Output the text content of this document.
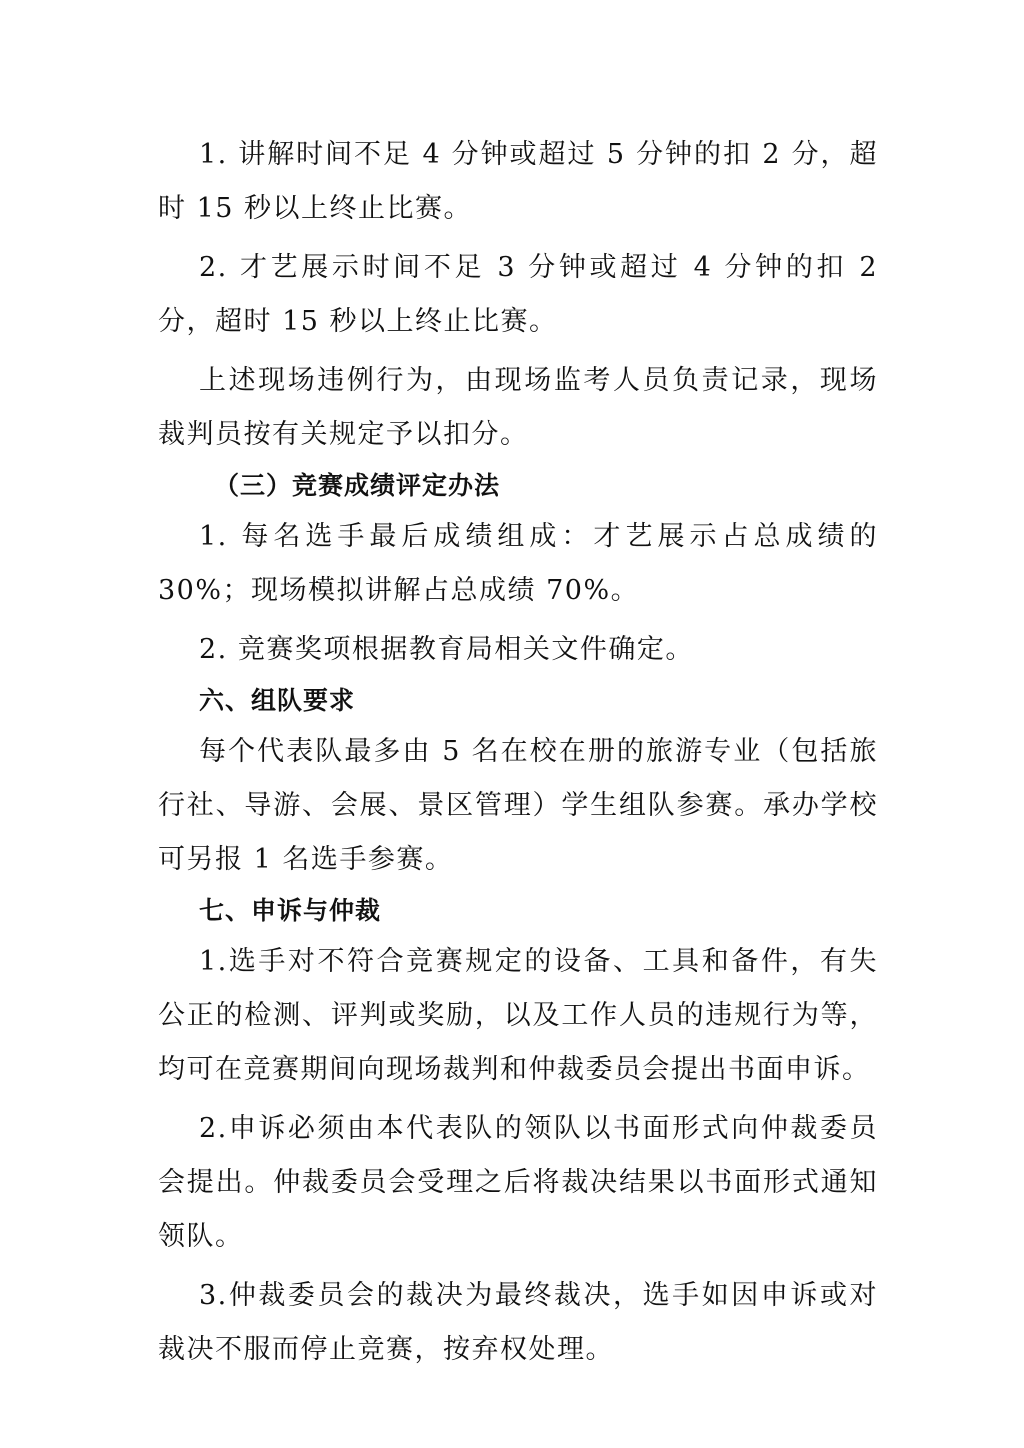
1. 讲解时间不足 4 分钟或超过 5 分钟的扣 2 分，超时 15 秒以上终止比赛。

2. 才艺展示时间不足 3 分钟或超过 4 分钟的扣 2 分，超时 15 秒以上终止比赛。

上述现场违例行为，由现场监考人员负责记录，现场裁判员按有关规定予以扣分。

（三）竞赛成绩评定办法

1. 每名选手最后成绩组成：才艺展示占总成绩的 30%；现场模拟讲解占总成绩 70%。

2. 竞赛奖项根据教育局相关文件确定。

六、组队要求

每个代表队最多由 5 名在校在册的旅游专业（包括旅行社、导游、会展、景区管理）学生组队参赛。承办学校可另报 1 名选手参赛。

七、申诉与仲裁

1.选手对不符合竞赛规定的设备、工具和备件，有失公正的检测、评判或奖励，以及工作人员的违规行为等，均可在竞赛期间向现场裁判和仲裁委员会提出书面申诉。

2.申诉必须由本代表队的领队以书面形式向仲裁委员会提出。仲裁委员会受理之后将裁决结果以书面形式通知领队。

3.仲裁委员会的裁决为最终裁决，选手如因申诉或对裁决不服而停止竞赛，按弃权处理。
